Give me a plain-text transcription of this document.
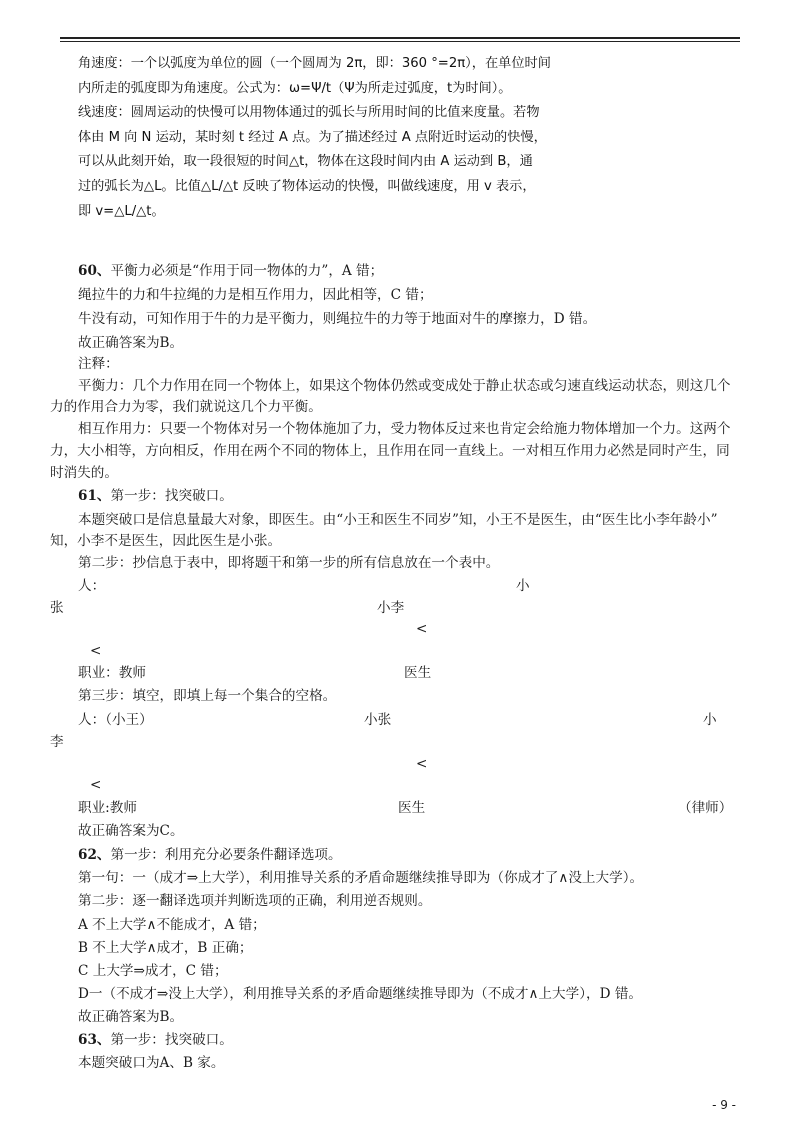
角速度：一个以弧度为单位的圆（一个圆周为 2π，即：360 °=2π），在单位时间

内所走的弧度即为角速度。公式为：ω=Ψ/t（Ψ为所走过弧度，t为时间）。

线速度：圆周运动的快慢可以用物体通过的弧长与所用时间的比值来度量。若物

体由 M 向 N 运动，某时刻 t 经过 A 点。为了描述经过 A 点附近时运动的快慢，

可以从此刻开始，取一段很短的时间△t，物体在这段时间内由 A 运动到 B，通

过的弧长为△L。比值△L/△t 反映了物体运动的快慢，叫做线速度，用 v 表示，

即 v=△L/△t。

60、平衡力必须是“作用于同一物体的力”，A 错；
绳拉牛的力和牛拉绳的力是相互作用力，因此相等，C 错；
牛没有动，可知作用于牛的力是平衡力，则绳拉牛的力等于地面对牛的摩擦力，D 错。
故正确答案为B。
注释：
平衡力：几个力作用在同一个物体上，如果这个物体仍然或变成处于静止状态或匀速直线运动状态，则这几个
力的作用合力为零，我们就说这几个力平衡。
相互作用力：只要一个物体对另一个物体施加了力，受力物体反过来也肯定会给施力物体增加一个力。这两个
力，大小相等，方向相反，作用在两个不同的物体上，且作用在同一直线上。一对相互作用力必然是同时产生，同
时消失的。
61、第一步：找突破口。
本题突破口是信息量最大对象，即医生。由“小王和医生不同岁”知，小王不是医生，由“医生比小李年龄小”
知，小李不是医生，因此医生是小张。
第二步：抄信息于表中，即将题干和第一步的所有信息放在一个表中。
人：	小
张	小李
<
<
职业：教师	医生
第三步：填空，即填上每一个集合的空格。
人：（小王）	小张	小
李
<
<
职业:教师	医生	（律师）
故正确答案为C。
62、第一步：利用充分必要条件翻译选项。
第一句：一（成才⇒上大学），利用推导关系的矛盾命题继续推导即为（你成才了∧没上大学）。
第二步：逐一翻译选项并判断选项的正确，利用逆否规则。
A 不上大学∧不能成才，A 错；
B 不上大学∧成才，B 正确；
C 上大学⇒成才，C 错；
D一（不成才⇒没上大学），利用推导关系的矛盾命题继续推导即为（不成才∧上大学），D 错。
故正确答案为B。
63、第一步：找突破口。
本题突破口为A、B 家。
- 9 -
